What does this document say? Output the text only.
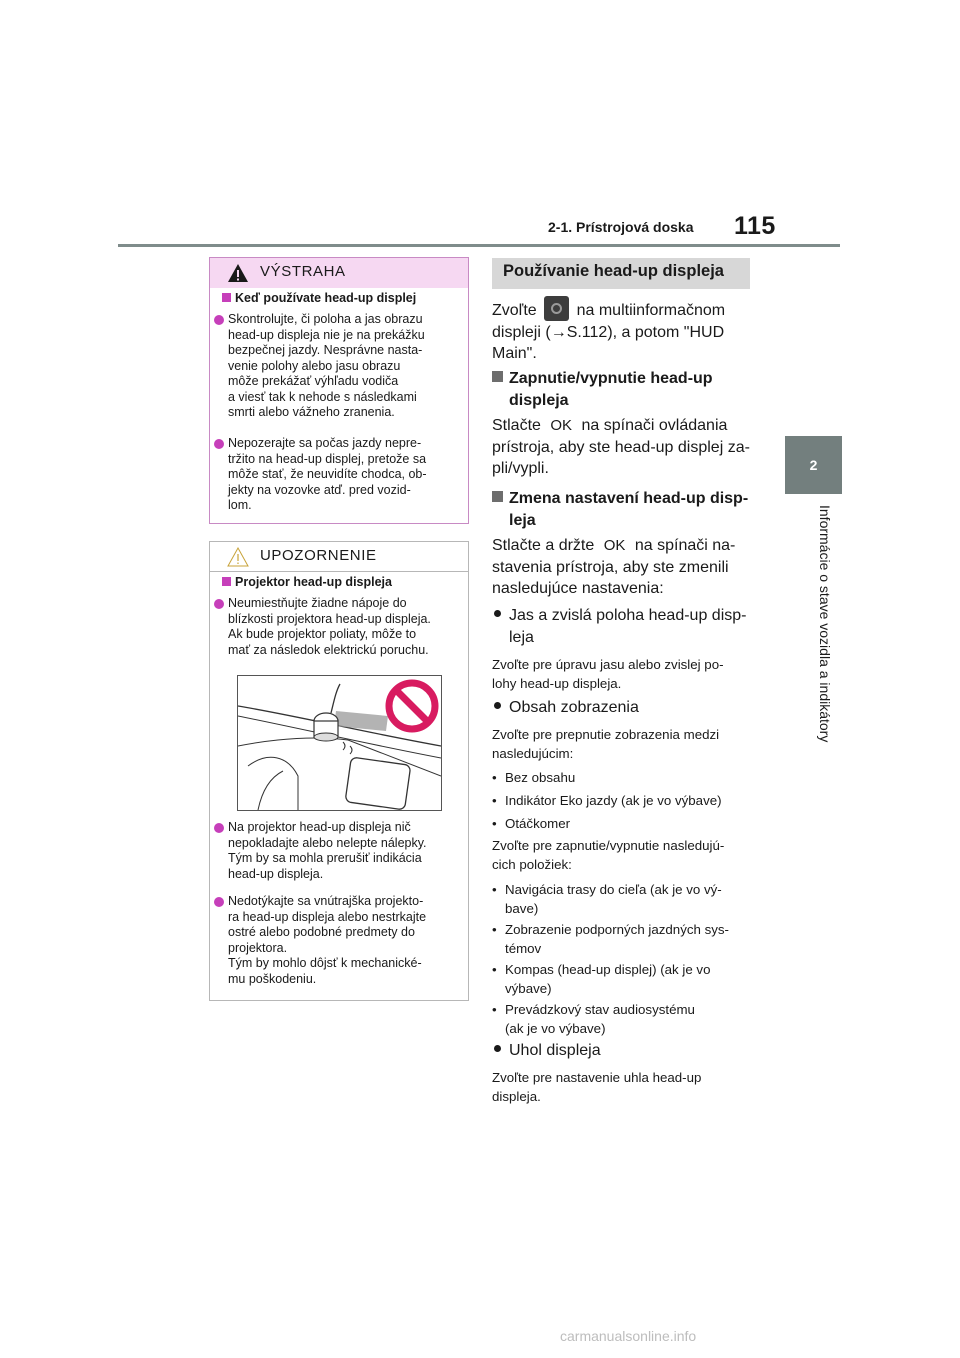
2-1. Prístrojová doska 115
2
Informácie o stave vozidla a indikátory
VÝSTRAHA
Keď používate head-up displej
Skontrolujte, či poloha a jas obrazu
head-up displeja nie je na prekážku
bezpečnej jazdy. Nesprávne nasta-
venie polohy alebo jasu obrazu
môže prekážať výhľadu vodiča
a viesť tak k nehode s následkami
smrti alebo vážneho zranenia.
Nepozerajte sa počas jazdy nepre-
tržito na head-up displej, pretože sa
môže stať, že neuvidíte chodca, ob-
jekty na vozovke atď. pred vozid-
lom.
UPOZORNENIE
Projektor head-up displeja
Neumiestňujte žiadne nápoje do
blízkosti projektora head-up displeja.
Ak bude projektor poliaty, môže to
mať za následok elektrickú poruchu.
Na projektor head-up displeja nič
nepokladajte alebo nelepte nálepky.
Tým by sa mohla prerušiť indikácia
head-up displeja.
Nedotýkajte sa vnútrajška projekto-
ra head-up displeja alebo nestrkajte
ostré alebo podobné predmety do
projektora.
Tým by mohlo dôjsť k mechanické-
mu poškodeniu.
Používanie head-up displeja
Zvoľte na multiinformačnom
displeji (→S.112), a potom "HUD
Main".
Zapnutie/vypnutie head-up
displeja
Stlačte OK na spínači ovládania
prístroja, aby ste head-up displej za-
pli/vypli.
Zmena nastavení head-up disp-
leja
Stlačte a držte OK na spínači na-
stavenia prístroja, aby ste zmenili
nasledujúce nastavenia:
Jas a zvislá poloha head-up disp-
leja
Zvoľte pre úpravu jasu alebo zvislej po-
lohy head-up displeja.
Obsah zobrazenia
Zvoľte pre prepnutie zobrazenia medzi
nasledujúcim:
• Bez obsahu
• Indikátor Eko jazdy (ak je vo výbave)
• Otáčkomer
Zvoľte pre zapnutie/vypnutie nasledujú-
cich položiek:
• Navigácia trasy do cieľa (ak je vo vý-
bave)
• Zobrazenie podporných jazdných sys-
témov
• Kompas (head-up displej) (ak je vo
výbave)
• Prevádzkový stav audiosystému
(ak je vo výbave)
Uhol displeja
Zvoľte pre nastavenie uhla head-up
displeja.
carmanualsonline.info
